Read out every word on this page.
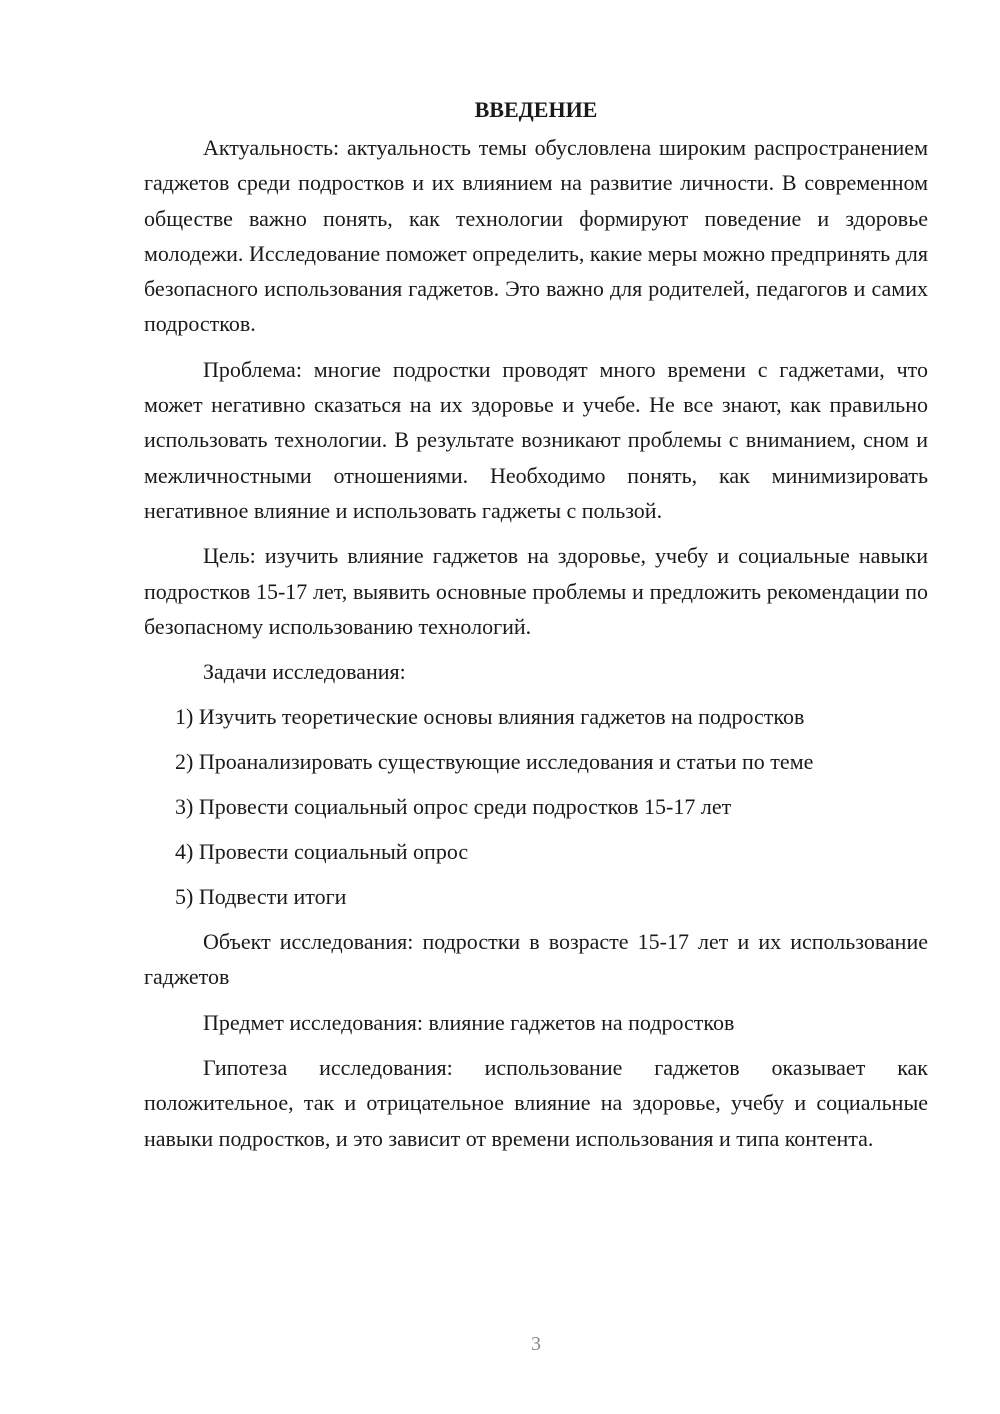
ВВЕДЕНИЕ

Актуальность: актуальность темы обусловлена широким распространением гаджетов среди подростков и их влиянием на развитие личности. В современном обществе важно понять, как технологии формируют поведение и здоровье молодежи. Исследование поможет определить, какие меры можно предпринять для безопасного использования гаджетов. Это важно для родителей, педагогов и самих подростков.

Проблема: многие подростки проводят много времени с гаджетами, что может негативно сказаться на их здоровье и учебе. Не все знают, как правильно использовать технологии. В результате возникают проблемы с вниманием, сном и межличностными отношениями. Необходимо понять, как минимизировать негативное влияние и использовать гаджеты с пользой.

Цель: изучить влияние гаджетов на здоровье, учебу и социальные навыки подростков 15-17 лет, выявить основные проблемы и предложить рекомендации по безопасному использованию технологий.

Задачи исследования:
1) Изучить теоретические основы влияния гаджетов на подростков
2) Проанализировать существующие исследования и статьи по теме
3) Провести социальный опрос среди подростков 15-17 лет
4) Провести социальный опрос
5) Подвести итоги

Объект исследования: подростки в возрасте 15-17 лет и их использование гаджетов

Предмет исследования: влияние гаджетов на подростков

Гипотеза исследования: использование гаджетов оказывает как положительное, так и отрицательное влияние на здоровье, учебу и социальные навыки подростков, и это зависит от времени использования и типа контента.

3
